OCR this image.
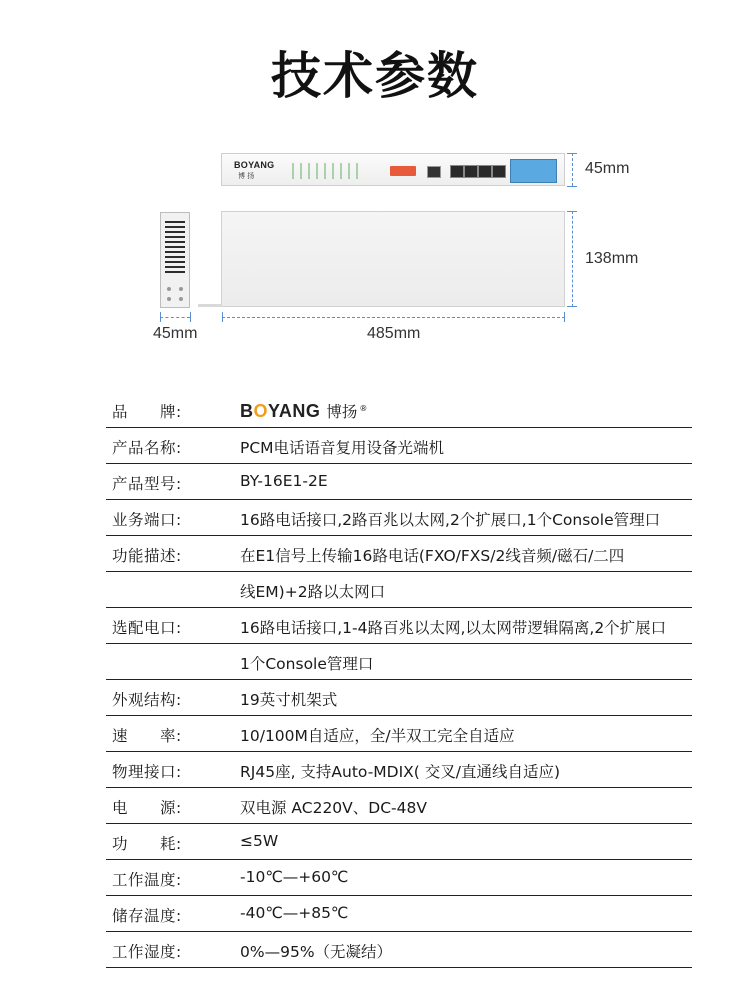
技术参数
BOYANG
博 扬	45mm
138mm
45mm	485mm
品　　牌:	BOYANG 博扬 ®
产品名称:	PCM电话语音复用设备光端机
产品型号:	BY-16E1-2E
业务端口:	16路电话接口,2路百兆以太网,2个扩展口,1个Console管理口
功能描述:	在E1信号上传输16路电话(FXO/FXS/2线音频/磁石/二四
线EM)+2路以太网口
选配电口:	16路电话接口,1-4路百兆以太网,以太网带逻辑隔离,2个扩展口
1个Console管理口
外观结构:	19英寸机架式
速　　率:	10/100M自适应，全/半双工完全自适应
物理接口:	RJ45座, 支持Auto-MDIX( 交叉/直通线自适应)
电　　源:	双电源 AC220V、DC-48V
功　　耗:	≤5W
工作温度:	-10℃—+60℃
储存温度:	-40℃—+85℃
工作湿度:	0%—95%（无凝结）
